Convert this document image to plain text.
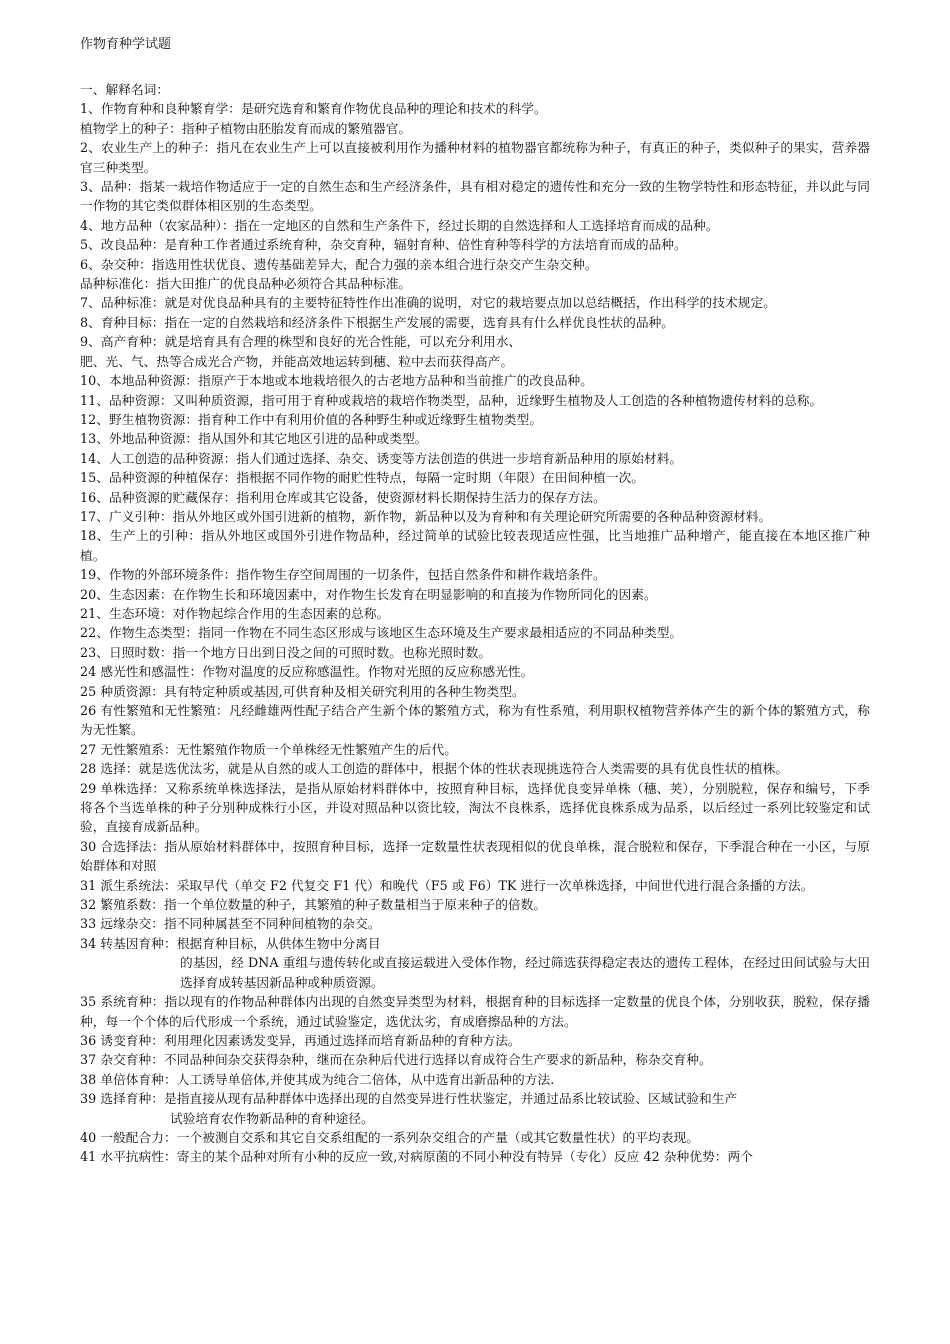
作物育种学试题

一、解释名词：

1、作物育种和良种繁育学：是研究选育和繁育作物优良品种的理论和技术的科学。

植物学上的种子：指种子植物由胚胎发育而成的繁殖器官。

2、农业生产上的种子：指凡在农业生产上可以直接被利用作为播种材料的植物器官都统称为种子，有真正的种子，类似种子的果实，营养器官三种类型。

3、品种：指某一栽培作物适应于一定的自然生态和生产经济条件，具有相对稳定的遗传性和充分一致的生物学特性和形态特征，并以此与同一作物的其它类似群体相区别的生态类型。

4、地方品种（农家品种）：指在一定地区的自然和生产条件下，经过长期的自然选择和人工选择培育而成的品种。

5、改良品种：是育种工作者通过系统育种，杂交育种，辐射育种、倍性育种等科学的方法培育而成的品种。

6、杂交种：指选用性状优良、遗传基础差异大，配合力强的亲本组合进行杂交产生杂交种。

品种标准化：指大田推广的优良品种必须符合其品种标准。

7、品种标准：就是对优良品种具有的主要特征特性作出准确的说明，对它的栽培要点加以总结概括，作出科学的技术规定。

8、育种目标：指在一定的自然栽培和经济条件下根据生产发展的需要，选育具有什么样优良性状的品种。

9、高产育种：就是培育具有合理的株型和良好的光合性能，可以充分利用水、

肥、光、气、热等合成光合产物，并能高效地运转到穗、粒中去而获得高产。

10、本地品种资源：指原产于本地或本地栽培很久的古老地方品种和当前推广的改良品种。

11、品种资源：又叫种质资源，指可用于育种或栽培的栽培作物类型，品种，近缘野生植物及人工创造的各种植物遗传材料的总称。

12、野生植物资源：指育种工作中有利用价值的各种野生种或近缘野生植物类型。

13、外地品种资源：指从国外和其它地区引进的品种或类型。

14、人工创造的品种资源：指人们通过选择、杂交、诱变等方法创造的供进一步培育新品种用的原始材料。

15、品种资源的种植保存：指根据不同作物的耐贮性特点，每隔一定时期（年限）在田间种植一次。

16、品种资源的贮藏保存：指利用仓库或其它设备，使资源材料长期保持生活力的保存方法。

17、广义引种：指从外地区或外国引进新的植物，新作物，新品种以及为育种和有关理论研究所需要的各种品种资源材料。

18、生产上的引种：指从外地区或国外引进作物品种，经过简单的试验比较表现适应性强，比当地推广品种增产，能直接在本地区推广种植。

19、作物的外部环境条件：指作物生存空间周围的一切条件，包括自然条件和耕作栽培条件。

20、生态因素：在作物生长和环境因素中，对作物生长发育在明显影响的和直接为作物所同化的因素。

21、生态环境：对作物起综合作用的生态因素的总称。

22、作物生态类型：指同一作物在不同生态区形成与该地区生态环境及生产要求最相适应的不同品种类型。

23、日照时数：指一个地方日出到日没之间的可照时数。也称光照时数。

24 感光性和感温性：作物对温度的反应称感温性。作物对光照的反应称感光性。

25 种质资源：具有特定种质或基因,可供育种及相关研究利用的各种生物类型。

26 有性繁殖和无性繁殖：凡经雌雄两性配子结合产生新个体的繁殖方式，称为有性系殖，利用职权植物营养体产生的新个体的繁殖方式，称为无性繁。

27 无性繁殖系：无性繁殖作物质一个单株经无性繁殖产生的后代。

28 选择：就是选优汰劣，就是从自然的或人工创造的群体中，根据个体的性状表现挑选符合人类需要的具有优良性状的植株。

29 单株选择：又称系统单株选择法，是指从原始材料群体中，按照育种目标，选择优良变异单株（穗、荚），分别脱粒，保存和编号，下季将各个当选单株的种子分别种成株行小区，并设对照品种以资比较，淘汰不良株系，选择优良株系成为品系，以后经过一系列比较鉴定和试验，直接育成新品种。

30 合选择法：指从原始材料群体中，按照育种目标，选择一定数量性状表现相似的优良单株，混合脱粒和保存，下季混合种在一小区，与原始群体和对照

31 派生系统法：采取早代（单交 F2 代复交 F1 代）和晚代（F5 或 F6）TK 进行一次单株选择，中间世代进行混合条播的方法。

32 繁殖系数：指一个单位数量的种子，其繁殖的种子数量相当于原来种子的倍数。

33 远缘杂交：指不同种属甚至不同种间植物的杂交。

34 转基因育种：根据育种目标，从供体生物中分离目

的基因，经 DNA 重组与遗传转化或直接运载进入受体作物，经过筛选获得稳定表达的遗传工程体，在经过田间试验与大田选择育成转基因新品种或种质资源。

35 系统育种：指以现有的作物品种群体内出现的自然变异类型为材料，根据育种的目标选择一定数量的优良个体，分别收获，脱粒，保存播种，每一个个体的后代形成一个系统，通过试验鉴定，选优汰劣，育成磨擦品种的方法。

36 诱变育种：利用理化因素诱发变异，再通过选择而培育新品种的育种方法。

37 杂交育种：不同品种间杂交获得杂种，继而在杂种后代进行选择以育成符合生产要求的新品种，称杂交育种。

38 单倍体育种：人工诱导单倍体,并使其成为纯合二倍体，从中选育出新品种的方法.

39 选择育种：是指直接从现有品种群体中选择出现的自然变异进行性状鉴定，并通过品系比较试验、区域试验和生产

试验培育农作物新品种的育种途径。

40 一般配合力：一个被测自交系和其它自交系组配的一系列杂交组合的产量（或其它数量性状）的平均表现。

41 水平抗病性：寄主的某个品种对所有小种的反应一致,对病原菌的不同小种没有特异（专化）反应 42 杂种优势：两个
